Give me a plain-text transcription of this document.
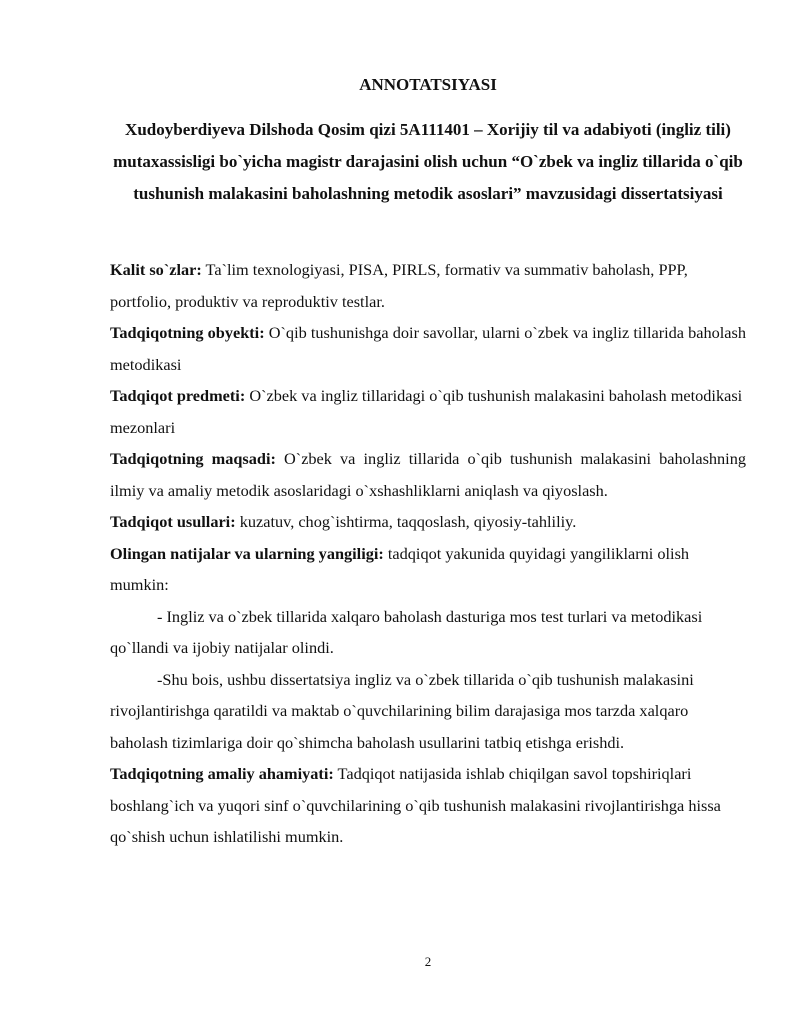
ANNOTATSIYASI
Xudoyberdiyeva Dilshoda Qosim qizi 5A111401 – Xorijiy til va adabiyoti (ingliz tili) mutaxassisligi bo`yicha magistr darajasini olish uchun “O`zbek va ingliz tillarida o`qib tushunish malakasini baholashning metodik asoslari” mavzusidagi dissertatsiyasi

Kalit so`zlar: Ta`lim texnologiyasi, PISA, PIRLS, formativ va summativ baholash, PPP, portfolio, produktiv va reproduktiv testlar.

Tadqiqotning obyekti: O`qib tushunishga doir savollar, ularni o`zbek va ingliz tillarida baholash metodikasi

Tadqiqot predmeti: O`zbek va ingliz tillaridagi o`qib tushunish malakasini baholash metodikasi mezonlari

Tadqiqotning maqsadi: O`zbek va ingliz tillarida o`qib tushunish malakasini baholashning ilmiy va amaliy metodik asoslaridagi o`xshashliklarni aniqlash va qiyoslash.

Tadqiqot usullari: kuzatuv, chog`ishtirma, taqqoslash, qiyosiy-tahliliy.

Olingan natijalar va ularning yangiligi: tadqiqot yakunida quyidagi yangiliklarni olish mumkin:

- Ingliz va o`zbek tillarida xalqaro baholash dasturiga mos test turlari va metodikasi qo`llandi va ijobiy natijalar olindi.

-Shu bois, ushbu dissertatsiya ingliz va o`zbek tillarida o`qib tushunish malakasini rivojlantirishga qaratildi va maktab o`quvchilarining bilim darajasiga mos tarzda xalqaro baholash tizimlariga doir qo`shimcha baholash usullarini tatbiq etishga erishdi.

Tadqiqotning amaliy ahamiyati: Tadqiqot natijasida ishlab chiqilgan savol topshiriqlari boshlang`ich va yuqori sinf o`quvchilarining o`qib tushunish malakasini rivojlantirishga hissa qo`shish uchun ishlatilishi mumkin.

2
